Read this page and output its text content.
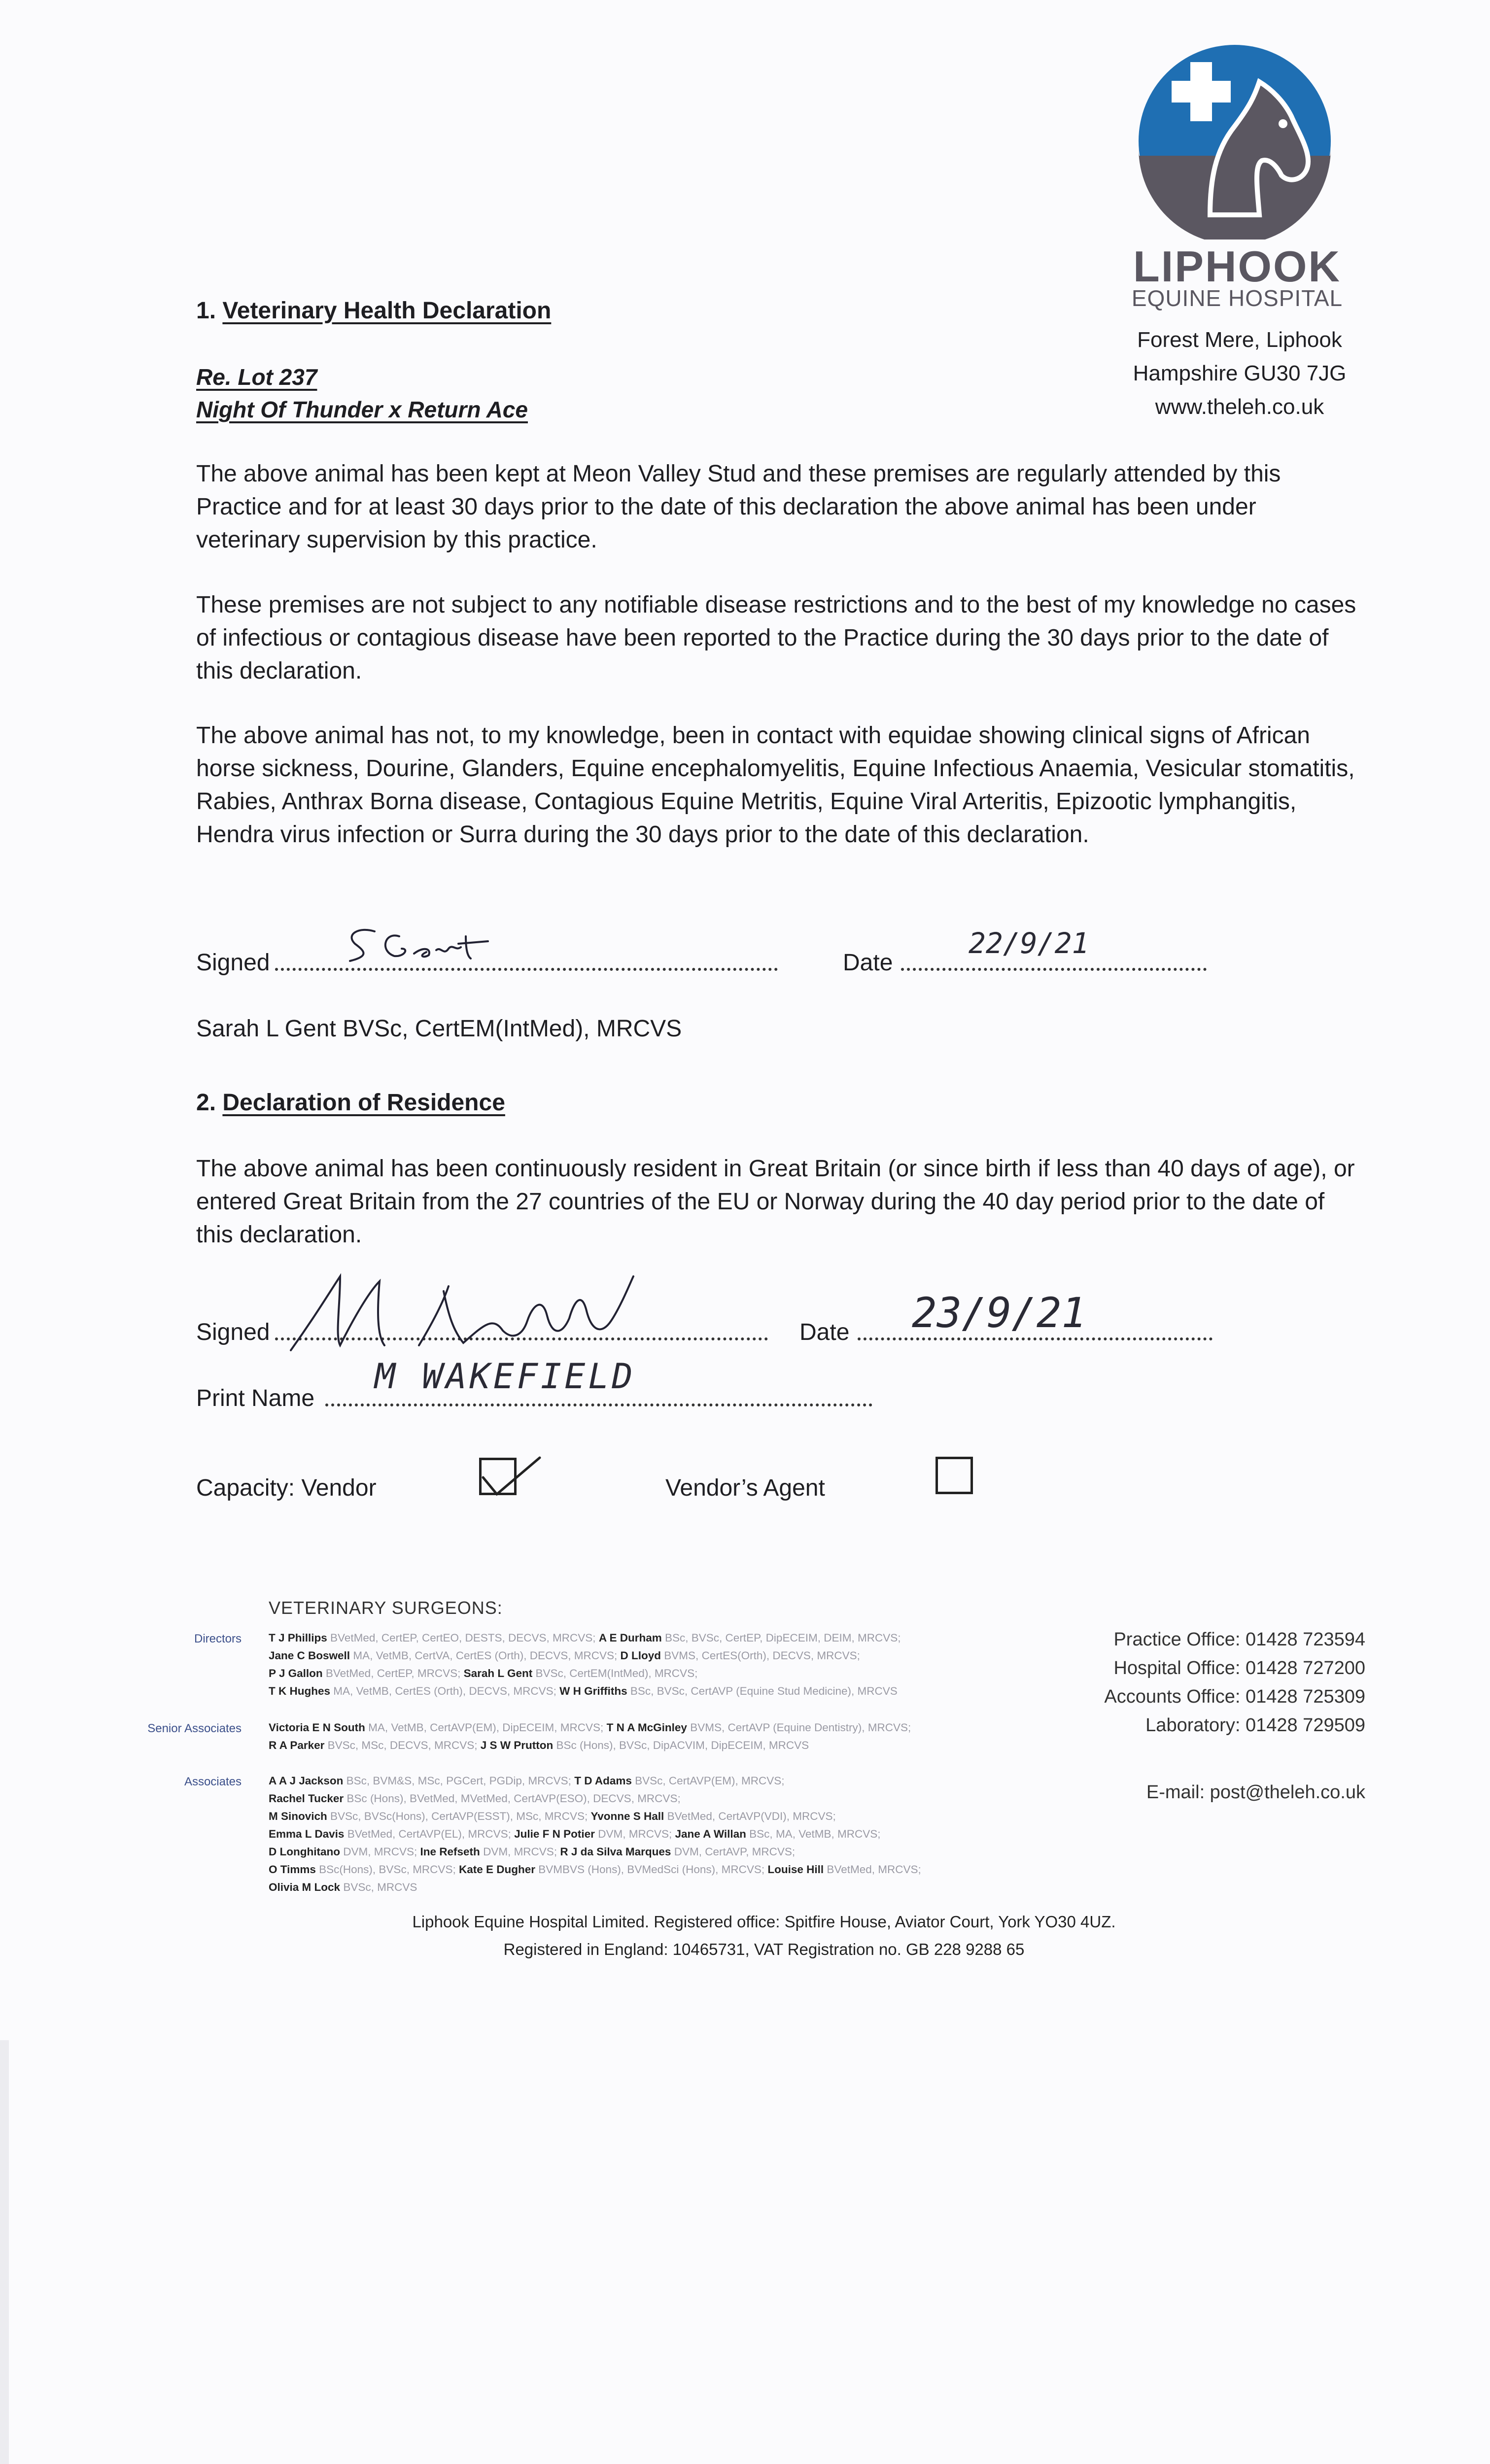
LIPHOOK
EQUINE HOSPITAL
Forest Mere, Liphook
Hampshire GU30 7JG
www.theleh.co.uk
1. Veterinary Health Declaration
Re. Lot 237
Night Of Thunder x Return Ace
The above animal has been kept at Meon Valley Stud and these premises are regularly attended by this Practice and for at least 30 days prior to the date of this declaration the above animal has been under veterinary supervision by this practice.
These premises are not subject to any notifiable disease restrictions and to the best of my knowledge no cases of infectious or contagious disease have been reported to the Practice during the 30 days prior to the date of this declaration.
The above animal has not, to my knowledge, been in contact with equidae showing clinical signs of African horse sickness, Dourine, Glanders, Equine encephalomyelitis, Equine Infectious Anaemia, Vesicular stomatitis, Rabies, Anthrax Borna disease, Contagious Equine Metritis, Equine Viral Arteritis, Epizootic lymphangitis, Hendra virus infection or Surra during the 30 days prior to the date of this declaration.
Signed	Date
22/9/21
Sarah L Gent BVSc, CertEM(IntMed), MRCVS
2. Declaration of Residence
The above animal has been continuously resident in Great Britain (or since birth if less than 40 days of age), or entered Great Britain from the 27 countries of the EU or Norway during the 40 day period prior to the date of this declaration.
Signed	Date 23/9/21
Print Name
M WAKEFIELD
Capacity: Vendor	Vendor’s Agent
VETERINARY SURGEONS:
Directors T J Phillips BVetMed, CertEP, CertEO, DESTS, DECVS, MRCVS; A E Durham BSc, BVSc, CertEP, DipECEIM, DEIM, MRCVS;
Jane C Boswell MA, VetMB, CertVA, CertES (Orth), DECVS, MRCVS; D Lloyd BVMS, CertES(Orth), DECVS, MRCVS;
P J Gallon BVetMed, CertEP, MRCVS; Sarah L Gent BVSc, CertEM(IntMed), MRCVS;
T K Hughes MA, VetMB, CertES (Orth), DECVS, MRCVS; W H Griffiths BSc, BVSc, CertAVP (Equine Stud Medicine), MRCVS
Senior Associates Victoria E N South MA, VetMB, CertAVP(EM), DipECEIM, MRCVS; T N A McGinley BVMS, CertAVP (Equine Dentistry), MRCVS;
R A Parker BVSc, MSc, DECVS, MRCVS; J S W Prutton BSc (Hons), BVSc, DipACVIM, DipECEIM, MRCVS
Associates A A J Jackson BSc, BVM&S, MSc, PGCert, PGDip, MRCVS; T D Adams BVSc, CertAVP(EM), MRCVS;
Rachel Tucker BSc (Hons), BVetMed, MVetMed, CertAVP(ESO), DECVS, MRCVS;
M Sinovich BVSc, BVSc(Hons), CertAVP(ESST), MSc, MRCVS; Yvonne S Hall BVetMed, CertAVP(VDI), MRCVS;
Emma L Davis BVetMed, CertAVP(EL), MRCVS; Julie F N Potier DVM, MRCVS; Jane A Willan BSc, MA, VetMB, MRCVS;
D Longhitano DVM, MRCVS; Ine Refseth DVM, MRCVS; R J da Silva Marques DVM, CertAVP, MRCVS;
O Timms BSc(Hons), BVSc, MRCVS; Kate E Dugher BVMBVS (Hons), BVMedSci (Hons), MRCVS; Louise Hill BVetMed, MRCVS;
Olivia M Lock BVSc, MRCVS
Practice Office: 01428 723594
Hospital Office: 01428 727200
Accounts Office: 01428 725309
Laboratory: 01428 729509
E-mail: post@theleh.co.uk
Liphook Equine Hospital Limited. Registered office: Spitfire House, Aviator Court, York YO30 4UZ.
Registered in England: 10465731, VAT Registration no. GB 228 9288 65
